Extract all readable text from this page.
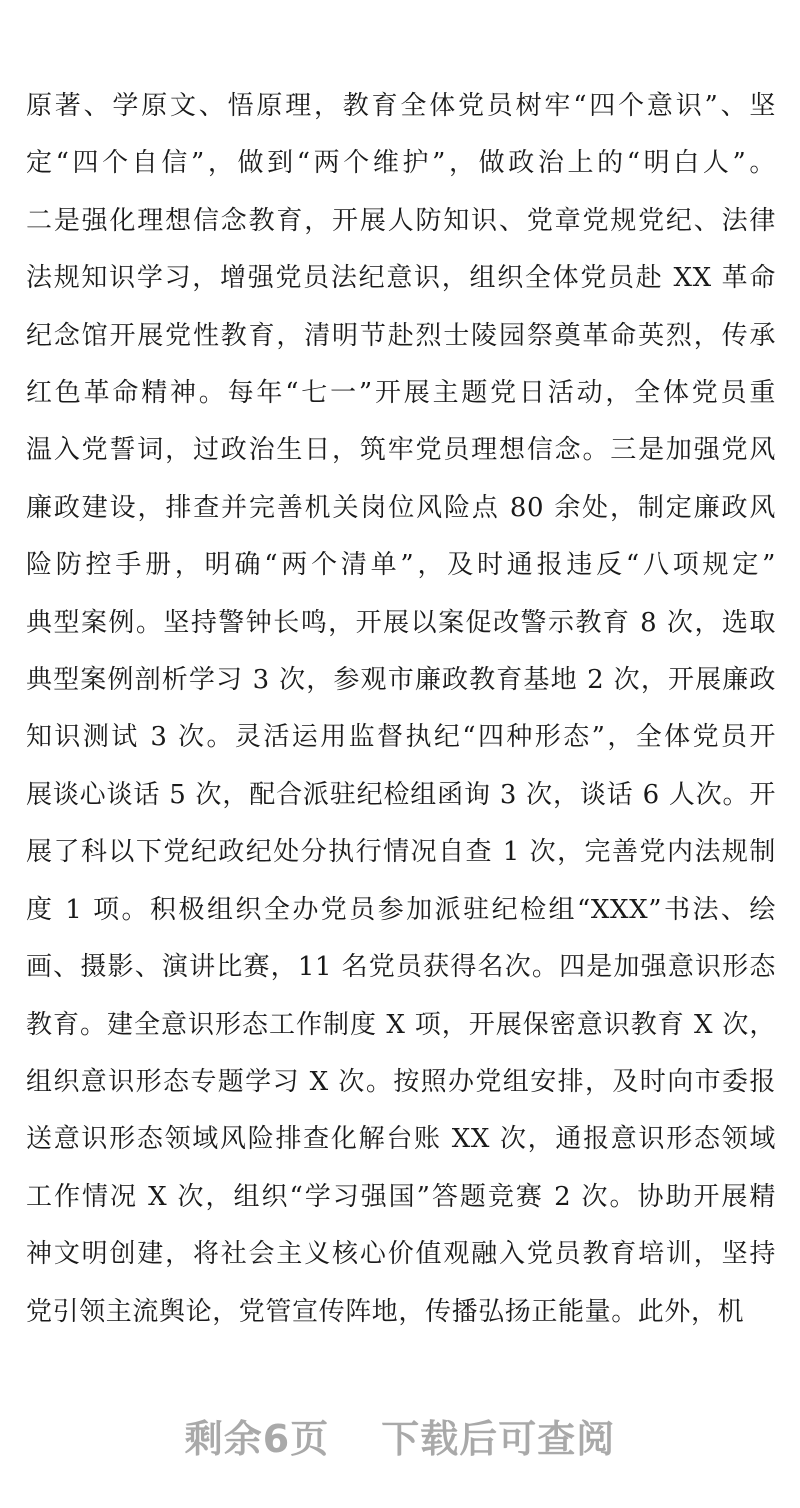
原著、学原文、悟原理，教育全体党员树牢“四个意识”、坚
定“四个自信”，做到“两个维护”，做政治上的“明白人”。
二是强化理想信念教育，开展人防知识、党章党规党纪、法律
法规知识学习，增强党员法纪意识，组织全体党员赴 XX 革命
纪念馆开展党性教育，清明节赴烈士陵园祭奠革命英烈，传承
红色革命精神。每年“七一”开展主题党日活动，全体党员重
温入党誓词，过政治生日，筑牢党员理想信念。三是加强党风
廉政建设，排查并完善机关岗位风险点 80 余处，制定廉政风
险防控手册，明确“两个清单”，及时通报违反“八项规定”
典型案例。坚持警钟长鸣，开展以案促改警示教育 8 次，选取
典型案例剖析学习 3 次，参观市廉政教育基地 2 次，开展廉政
知识测试 3 次。灵活运用监督执纪“四种形态”，全体党员开
展谈心谈话 5 次，配合派驻纪检组函询 3 次，谈话 6 人次。开
展了科以下党纪政纪处分执行情况自查 1 次，完善党内法规制
度 1 项。积极组织全办党员参加派驻纪检组“XXX”书法、绘
画、摄影、演讲比赛，11 名党员获得名次。四是加强意识形态
教育。建全意识形态工作制度 X 项，开展保密意识教育 X 次，
组织意识形态专题学习 X 次。按照办党组安排，及时向市委报
送意识形态领域风险排查化解台账 XX 次，通报意识形态领域
工作情况 X 次，组织“学习强国”答题竞赛 2 次。协助开展精
神文明创建，将社会主义核心价值观融入党员教育培训，坚持
党引领主流舆论，党管宣传阵地，传播弘扬正能量。此外，机
剩余6页 下载后可查阅
